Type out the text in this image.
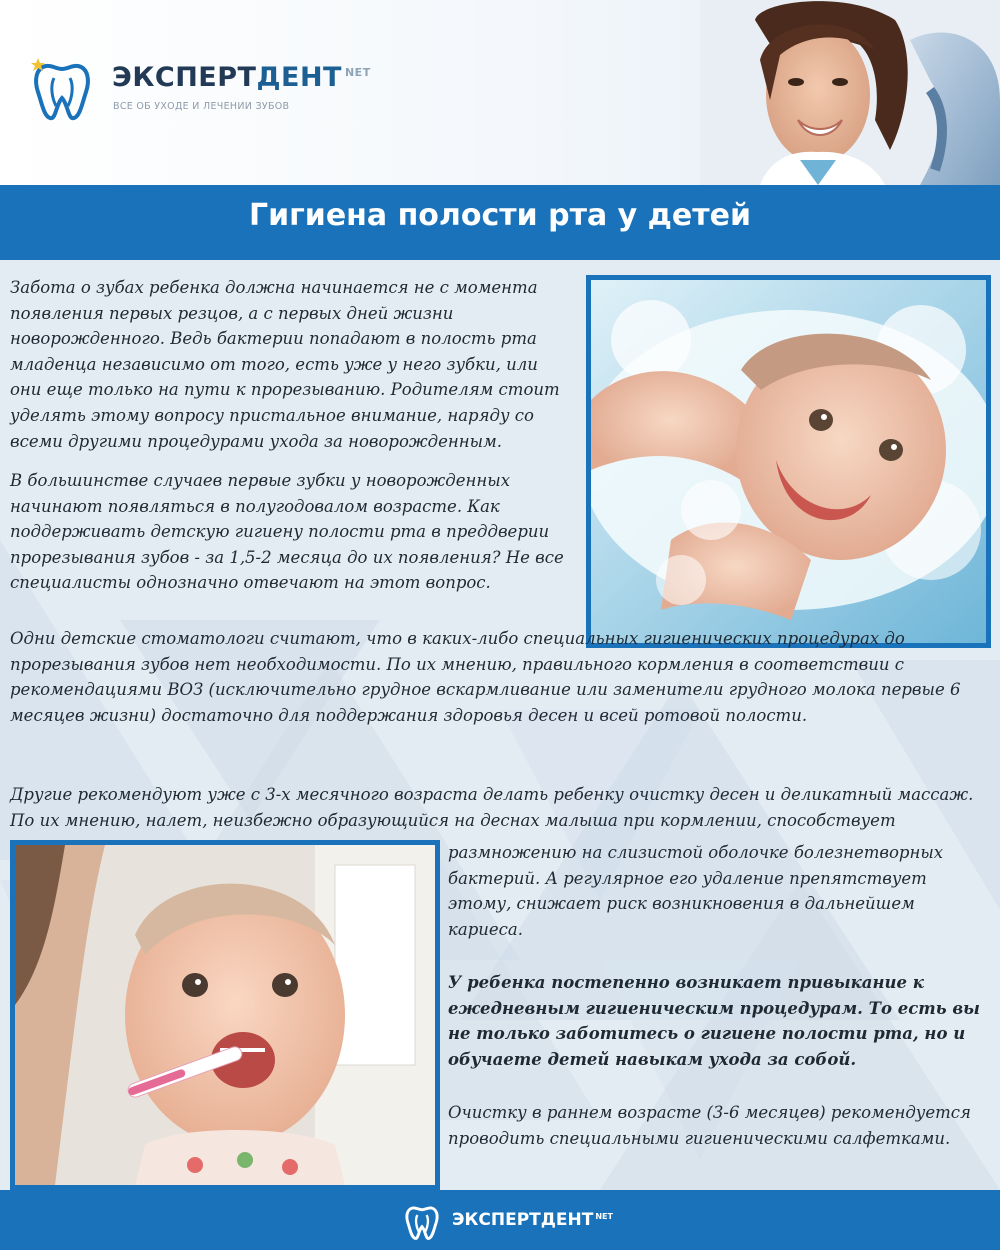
ЭКСПЕРТДЕНТ $^{NET}$
ВСЕ ОБ УХОДЕ И ЛЕЧЕНИИ ЗУБОВ
Гигиена полости рта у детей

Забота о зубах ребенка должна начинается не с момента появления первых резцов, а с первых дней жизни новорожденного. Ведь бактерии попадают в полость рта младенца независимо от того, есть уже у него зубки, или они еще только на пути к прорезыванию. Родителям стоит уделять этому вопросу пристальное внимание, наряду со всеми другими процедурами ухода за новорожденным.

В большинстве случаев первые зубки у новорожденных начинают появляться в полугодовалом возрасте. Как поддерживать детскую гигиену полости рта в преддверии прорезывания зубов - за 1,5-2 месяца до их появления? Не все специалисты однозначно отвечают на этот вопрос.

Одни детские стоматологи считают, что в каких-либо специальных гигиенических процедурах до прорезывания зубов нет необходимости. По их мнению, правильного кормления в соответствии с рекомендациями ВОЗ (исключительно грудное вскармливание или заменители грудного молока первые 6 месяцев жизни) достаточно для поддержания здоровья десен и всей ротовой полости.

Другие рекомендуют уже с 3-х месячного возраста делать ребенку очистку десен и деликатный массаж. По их мнению, налет, неизбежно образующийся на деснах малыша при кормлении, способствует

размножению на слизистой оболочке болезнетворных бактерий. А регулярное его удаление препятствует этому, снижает риск возникновения в дальнейшем кариеса.

У ребенка постепенно возникает привыкание к ежедневным гигиеническим процедурам. То есть вы не только заботитесь о гигиене полости рта, но и обучаете детей навыкам ухода за собой.

Очистку в раннем возрасте (3-6 месяцев) рекомендуется проводить специальными гигиеническими салфетками.

ЭКСПЕРТДЕНТ $^{NET}$
